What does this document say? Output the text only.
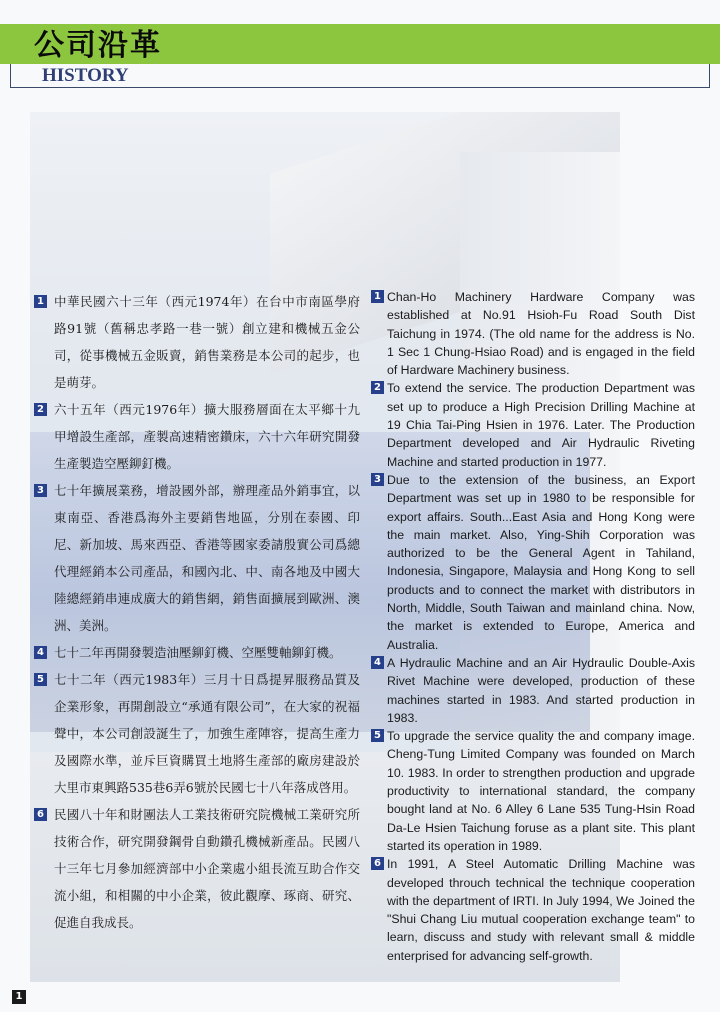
公司沿革
HISTORY

1 中華民國六十三年（西元1974年）在台中市南區學府路91號（舊稱忠孝路一巷一號）創立建和機械五金公司，從事機械五金販賣，銷售業務是本公司的起步，也是萌芽。

2 六十五年（西元1976年）擴大服務層面在太平鄉十九甲增設生產部，產製高速精密鑽床，六十六年研究開發生產製造空壓鉚釘機。

3 七十年擴展業務，增設國外部，辦理產品外銷事宜，以東南亞、香港爲海外主要銷售地區，分別在泰國、印尼、新加坡、馬來西亞、香港等國家委請殷實公司爲總代理經銷本公司產品，和國內北、中、南各地及中國大陸總經銷串連成廣大的銷售網，銷售面擴展到歐洲、澳洲、美洲。

4 七十二年再開發製造油壓鉚釘機、空壓雙軸鉚釘機。

5 七十二年（西元1983年）三月十日爲提昇服務品質及企業形象，再開創設立“承通有限公司”，在大家的祝福聲中，本公司創設誕生了，加強生產陣容，提高生產力及國際水準，並斥巨資購買土地將生產部的廠房建設於大里市東興路535巷6弄6號於民國七十八年落成啓用。

6 民國八十年和財團法人工業技術研究院機械工業研究所技術合作，研究開發鋼骨自動鑽孔機械新產品。民國八十三年七月參加經濟部中小企業處小組長流互助合作交流小組，和相關的中小企業，彼此觀摩、琢商、研究、促進自我成長。

1 Chan-Ho Machinery Hardware Company was established at No.91 Hsioh-Fu Road South Dist Taichung in 1974. (The old name for the address is No. 1 Sec 1 Chung-Hsiao Road) and is engaged in the field of Hardware Machinery business.

2 To extend the service. The production Department was set up to produce a High Precision Drilling Machine at 19 Chia Tai-Ping Hsien in 1976. Later. The Production Department developed and Air Hydraulic Riveting Machine and started production in 1977.

3 Due to the extension of the business, an Export Department was set up in 1980 to be responsible for export affairs. South...East Asia and Hong Kong were the main market. Also, Ying-Shih Corporation was authorized to be the General Agent in Tahiland, Indonesia, Singapore, Malaysia and Hong Kong to sell products and to connect the market with distributors in North, Middle, South Taiwan and mainland china. Now, the market is extended to Europe, America and Australia.

4 A Hydraulic Machine and an Air Hydraulic Double-Axis Rivet Machine were developed, production of these machines started in 1983. And started production in 1983.

5 To upgrade the service quality the and company image. Cheng-Tung Limited Company was founded on March 10. 1983. In order to strengthen production and upgrade productivity to international standard, the company bought land at No. 6 Alley 6 Lane 535 Tung-Hsin Road Da-Le Hsien Taichung foruse as a plant site. This plant started its operation in 1989.

6 In 1991, A Steel Automatic Drilling Machine was developed throuch technical the technique cooperation with the department of IRTI. In July 1994, We Joined the "Shui Chang Liu mutual cooperation exchange team" to learn, discuss and study with relevant small & middle enterprised for advancing self-growth.

1
